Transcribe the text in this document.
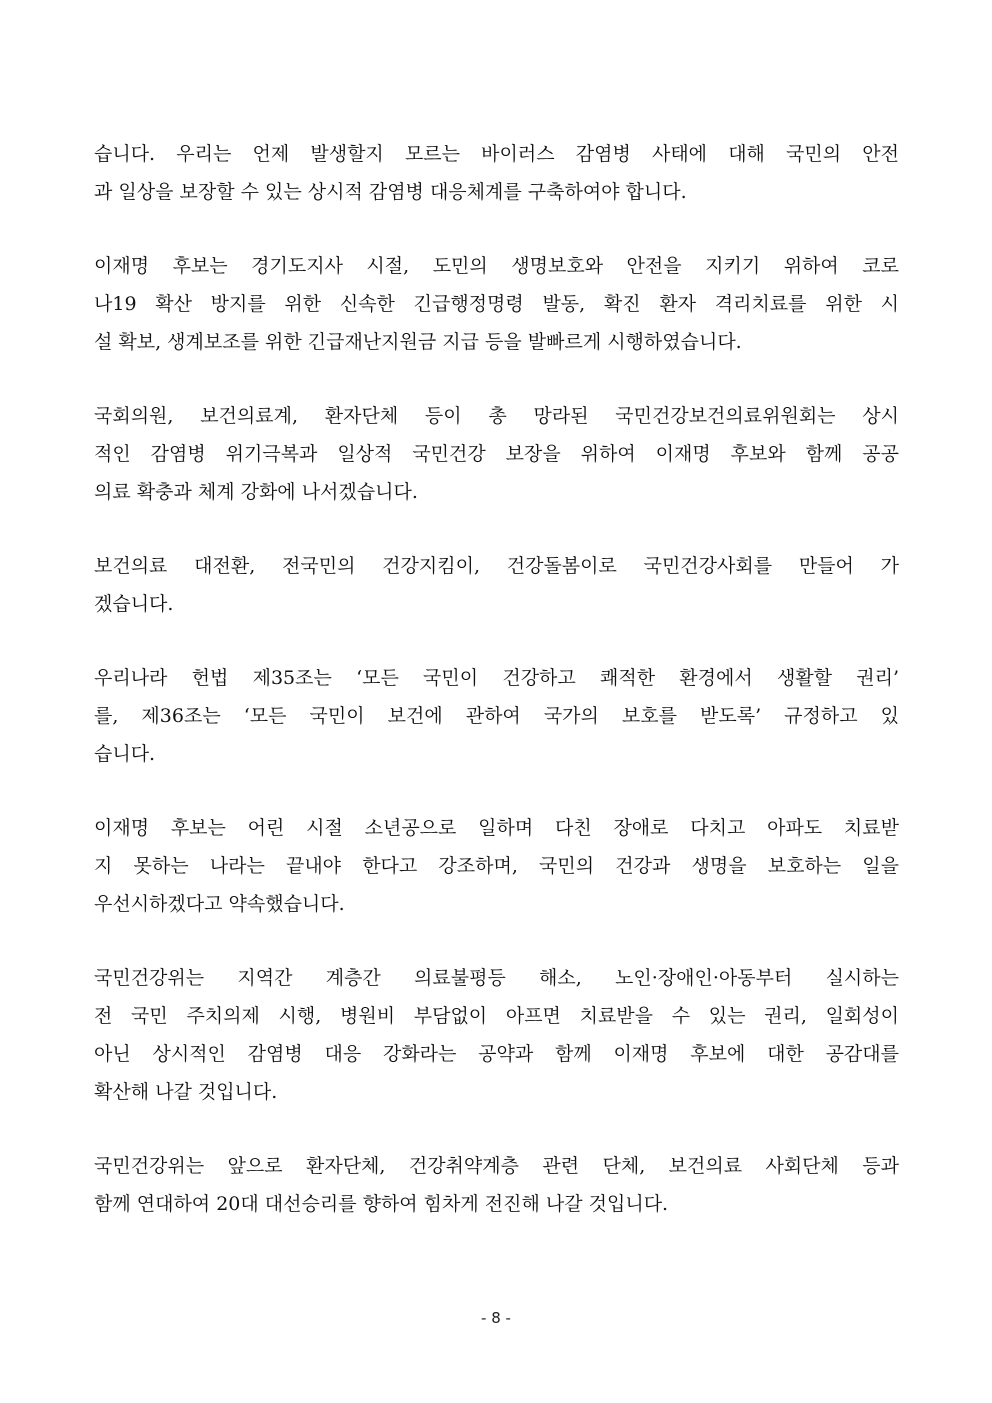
습니다. 우리는 언제 발생할지 모르는 바이러스 감염병 사태에 대해 국민의 안전
과 일상을 보장할 수 있는 상시적 감염병 대응체계를 구축하여야 합니다.
이재명 후보는 경기도지사 시절, 도민의 생명보호와 안전을 지키기 위하여 코로
나19 확산 방지를 위한 신속한 긴급행정명령 발동, 확진 환자 격리치료를 위한 시
설 확보, 생계보조를 위한 긴급재난지원금 지급 등을 발빠르게 시행하였습니다.
국회의원, 보건의료계, 환자단체 등이 총 망라된 국민건강보건의료위원회는 상시
적인 감염병 위기극복과 일상적 국민건강 보장을 위하여 이재명 후보와 함께 공공
의료 확충과 체계 강화에 나서겠습니다.
보건의료 대전환, 전국민의 건강지킴이, 건강돌봄이로 국민건강사회를 만들어 가
겠습니다.
우리나라 헌법 제35조는 ‘모든 국민이 건강하고 쾌적한 환경에서 생활할 권리’
를, 제36조는 ‘모든 국민이 보건에 관하여 국가의 보호를 받도록’ 규정하고 있
습니다.
이재명 후보는 어린 시절 소년공으로 일하며 다친 장애로 다치고 아파도 치료받
지 못하는 나라는 끝내야 한다고 강조하며, 국민의 건강과 생명을 보호하는 일을
우선시하겠다고 약속했습니다.
국민건강위는 지역간 계층간 의료불평등 해소, 노인·장애인·아동부터 실시하는
전 국민 주치의제 시행, 병원비 부담없이 아프면 치료받을 수 있는 권리, 일회성이
아닌 상시적인 감염병 대응 강화라는 공약과 함께 이재명 후보에 대한 공감대를
확산해 나갈 것입니다.
국민건강위는 앞으로 환자단체, 건강취약계층 관련 단체, 보건의료 사회단체 등과
함께 연대하여 20대 대선승리를 향하여 힘차게 전진해 나갈 것입니다.
- 8 -
